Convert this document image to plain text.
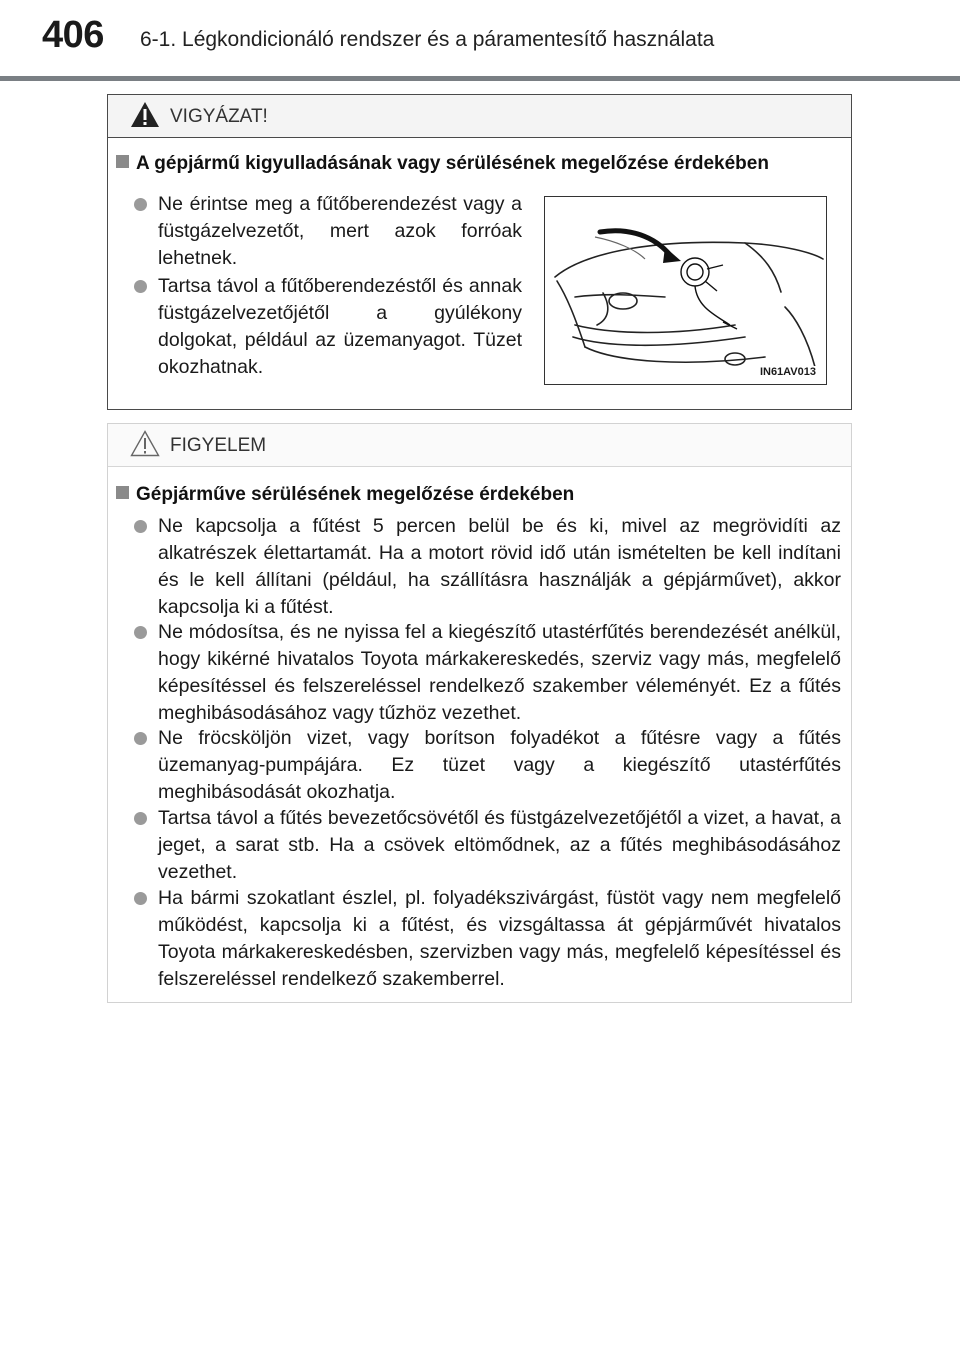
406 6-1. Légkondicionáló rendszer és a páramentesítő használata
VIGYÁZAT!
A gépjármű kigyulladásának vagy sérülésének megelőzése érdekében
Ne érintse meg a fűtőberendezést vagy a füstgázelvezetőt, mert azok forróak lehetnek.
Tartsa távol a fűtőberendezéstől és annak füstgázelvezetőjétől a gyúlékony dolgokat, például az üzemanyagot. Tüzet okozhatnak.	IN61AV013
FIGYELEM
Gépjárműve sérülésének megelőzése érdekében
Ne kapcsolja a fűtést 5 percen belül be és ki, mivel az megrövidíti az alkatrészek élettartamát. Ha a motort rövid idő után ismételten be kell indítani és le kell állítani (például, ha szállításra használják a gépjárművet), akkor kapcsolja ki a fűtést.
Ne módosítsa, és ne nyissa fel a kiegészítő utastérfűtés berendezését anélkül, hogy kikérné hivatalos Toyota márkakereskedés, szerviz vagy más, megfelelő képesítéssel és felszereléssel rendelkező szakember véleményét. Ez a fűtés meghibásodásához vagy tűzhöz vezethet.
Ne fröcsköljön vizet, vagy borítson folyadékot a fűtésre vagy a fűtés üzemanyag-pumpájára. Ez tüzet vagy a kiegészítő utastérfűtés meghibásodását okozhatja.
Tartsa távol a fűtés bevezetőcsövétől és füstgázelvezetőjétől a vizet, a havat, a jeget, a sarat stb. Ha a csövek eltömődnek, az a fűtés meghibásodásához vezethet.
Ha bármi szokatlant észlel, pl. folyadékszivárgást, füstöt vagy nem megfelelő működést, kapcsolja ki a fűtést, és vizsgáltassa át gépjárművét hivatalos Toyota márkakereskedésben, szervizben vagy más, megfelelő képesítéssel és felszereléssel rendelkező szakemberrel.
